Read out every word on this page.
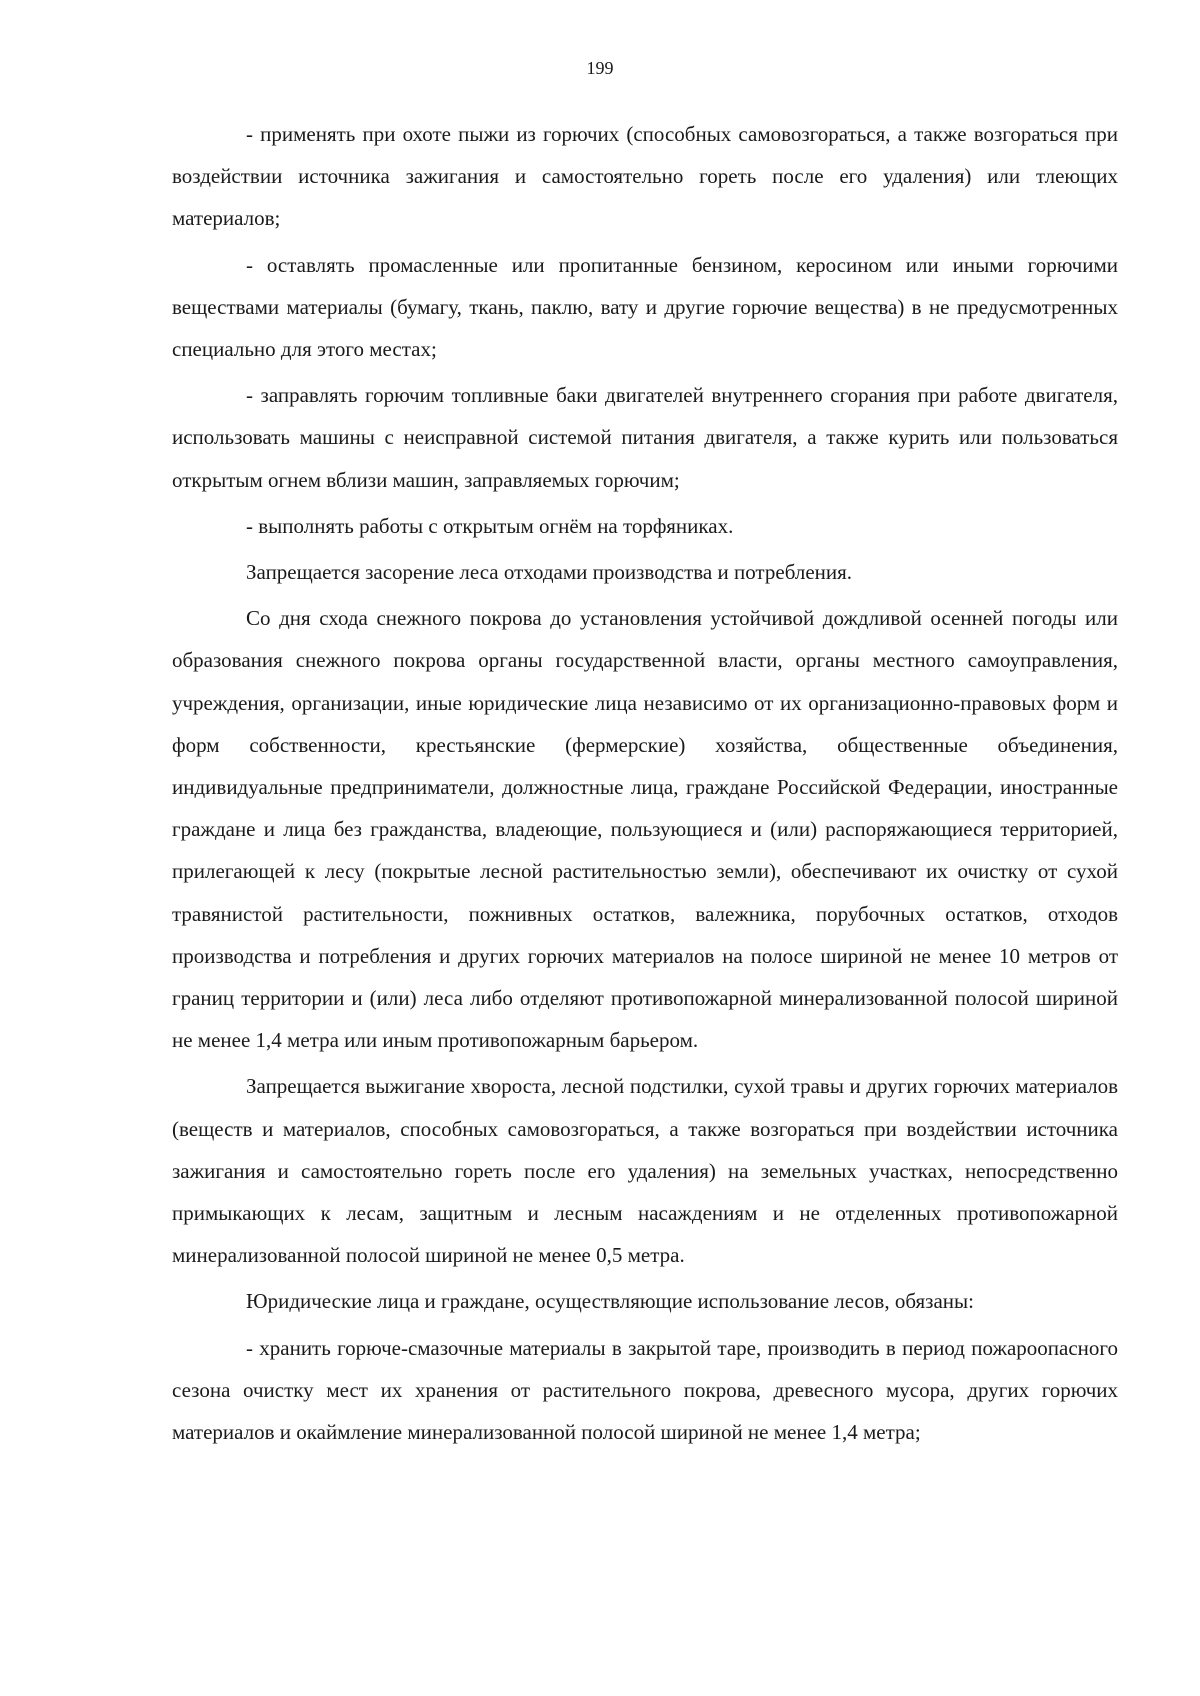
199

- применять при охоте пыжи из горючих (способных самовозгораться, а также возгораться при воздействии источника зажигания и самостоятельно гореть после его удаления) или тлеющих материалов;

- оставлять промасленные или пропитанные бензином, керосином или иными горючими веществами материалы (бумагу, ткань, паклю, вату и другие горючие вещества) в не предусмотренных специально для этого местах;

- заправлять горючим топливные баки двигателей внутреннего сгорания при работе двигателя, использовать машины с неисправной системой питания двигателя, а также курить или пользоваться открытым огнем вблизи машин, заправляемых горючим;

- выполнять работы с открытым огнём на торфяниках.

Запрещается засорение леса отходами производства и потребления.

Со дня схода снежного покрова до установления устойчивой дождливой осенней погоды или образования снежного покрова органы государственной власти, органы местного самоуправления, учреждения, организации, иные юридические лица независимо от их организационно-правовых форм и форм собственности, крестьянские (фермерские) хозяйства, общественные объединения, индивидуальные предприниматели, должностные лица, граждане Российской Федерации, иностранные граждане и лица без гражданства, владеющие, пользующиеся и (или) распоряжающиеся территорией, прилегающей к лесу (покрытые лесной растительностью земли), обеспечивают их очистку от сухой травянистой растительности, пожнивных остатков, валежника, порубочных остатков, отходов производства и потребления и других горючих материалов на полосе шириной не менее 10 метров от границ территории и (или) леса либо отделяют противопожарной минерализованной полосой шириной не менее 1,4 метра или иным противопожарным барьером.

Запрещается выжигание хвороста, лесной подстилки, сухой травы и других горючих материалов (веществ и материалов, способных самовозгораться, а также возгораться при воздействии источника зажигания и самостоятельно гореть после его удаления) на земельных участках, непосредственно примыкающих к лесам, защитным и лесным насаждениям и не отделенных противопожарной минерализованной полосой шириной не менее 0,5 метра.

Юридические лица и граждане, осуществляющие использование лесов, обязаны:

- хранить горюче-смазочные материалы в закрытой таре, производить в период пожароопасного сезона очистку мест их хранения от растительного покрова, древесного мусора, других горючих материалов и окаймление минерализованной полосой шириной не менее 1,4 метра;
